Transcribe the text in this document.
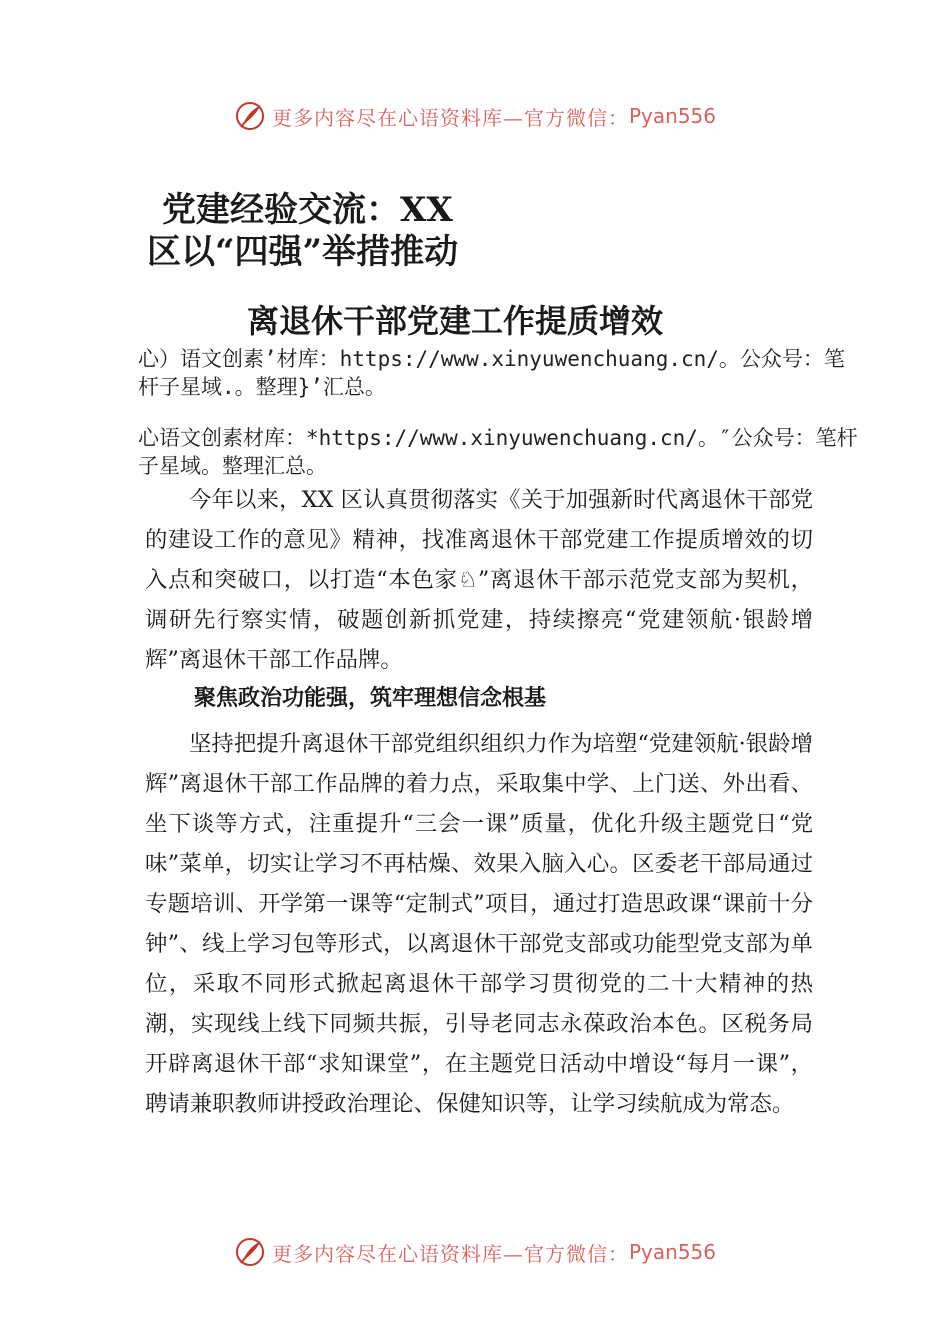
更多内容尽在心语资料库—官方微信： Pyan556
党建经验交流：XX
区以“四强”举措推动
离退休干部党建工作提质增效
心）语文创素’材库：https://www.xinyuwenchuang.cn/。公众号：笔杆子星域.。整理}’汇总。
心语文创素材库：*https://www.xinyuwenchuang.cn/。″公众号：笔杆子星域。整理汇总。
今年以来，XX 区认真贯彻落实《关于加强新时代离退休干部党的建设工作的意见》精神，找准离退休干部党建工作提质增效的切入点和突破口，以打造“本色家♘”离退休干部示范党支部为契机，调研先行察实情，破题创新抓党建，持续擦亮“党建领航·银龄增辉”离退休干部工作品牌。
聚焦政治功能强，筑牢理想信念根基
坚持把提升离退休干部党组织组织力作为培塑“党建领航·银龄增辉”离退休干部工作品牌的着力点，采取集中学、上门送、外出看、坐下谈等方式，注重提升“三会一课”质量，优化升级主题党日“党味”菜单，切实让学习不再枯燥、效果入脑入心。区委老干部局通过专题培训、开学第一课等“定制式”项目，通过打造思政课“课前十分钟”、线上学习包等形式，以离退休干部党支部或功能型党支部为单位，采取不同形式掀起离退休干部学习贯彻党的二十大精神的热潮，实现线上线下同频共振，引导老同志永葆政治本色。区税务局开辟离退休干部“求知课堂”，在主题党日活动中增设“每月一课”，聘请兼职教师讲授政治理论、保健知识等，让学习续航成为常态。
更多内容尽在心语资料库—官方微信： Pyan556
